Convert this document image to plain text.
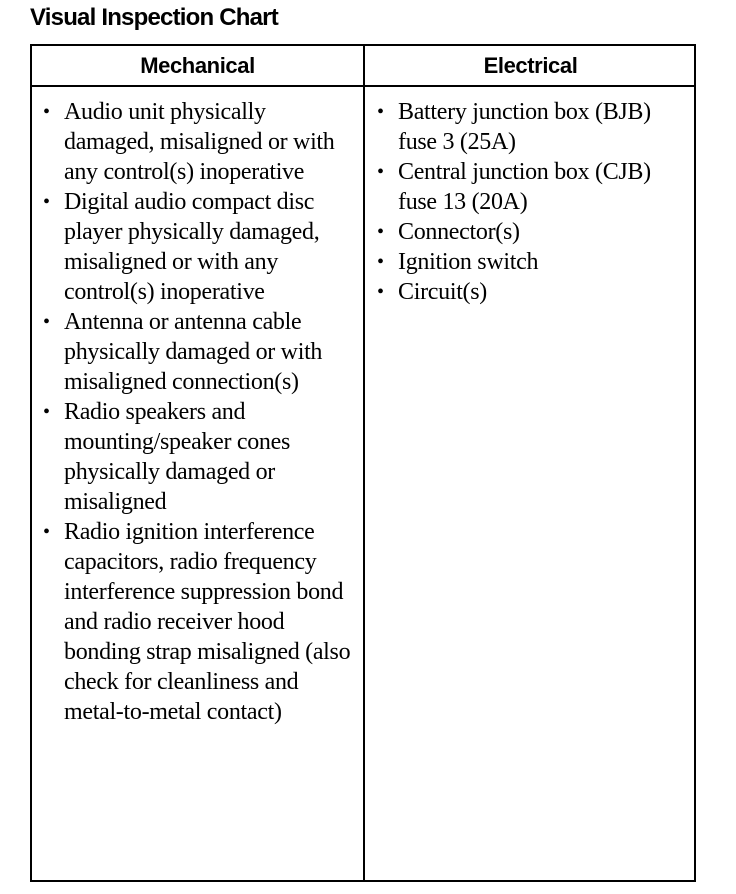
Visual Inspection Chart
Mechanical	Electrical
• Audio unit physically damaged, misaligned or with any control(s) inoperative
• Digital audio compact disc player physically damaged, misaligned or with any control(s) inoperative
• Antenna or antenna cable physically damaged or with misaligned connection(s)
• Radio speakers and mounting/speaker cones physically damaged or misaligned
• Radio ignition interference capacitors, radio frequency interference suppression bond and radio receiver hood bonding strap misaligned (also check for cleanliness and metal-to-metal contact)
• Battery junction box (BJB) fuse 3 (25A)
• Central junction box (CJB) fuse 13 (20A)
• Connector(s)
• Ignition switch
• Circuit(s)
